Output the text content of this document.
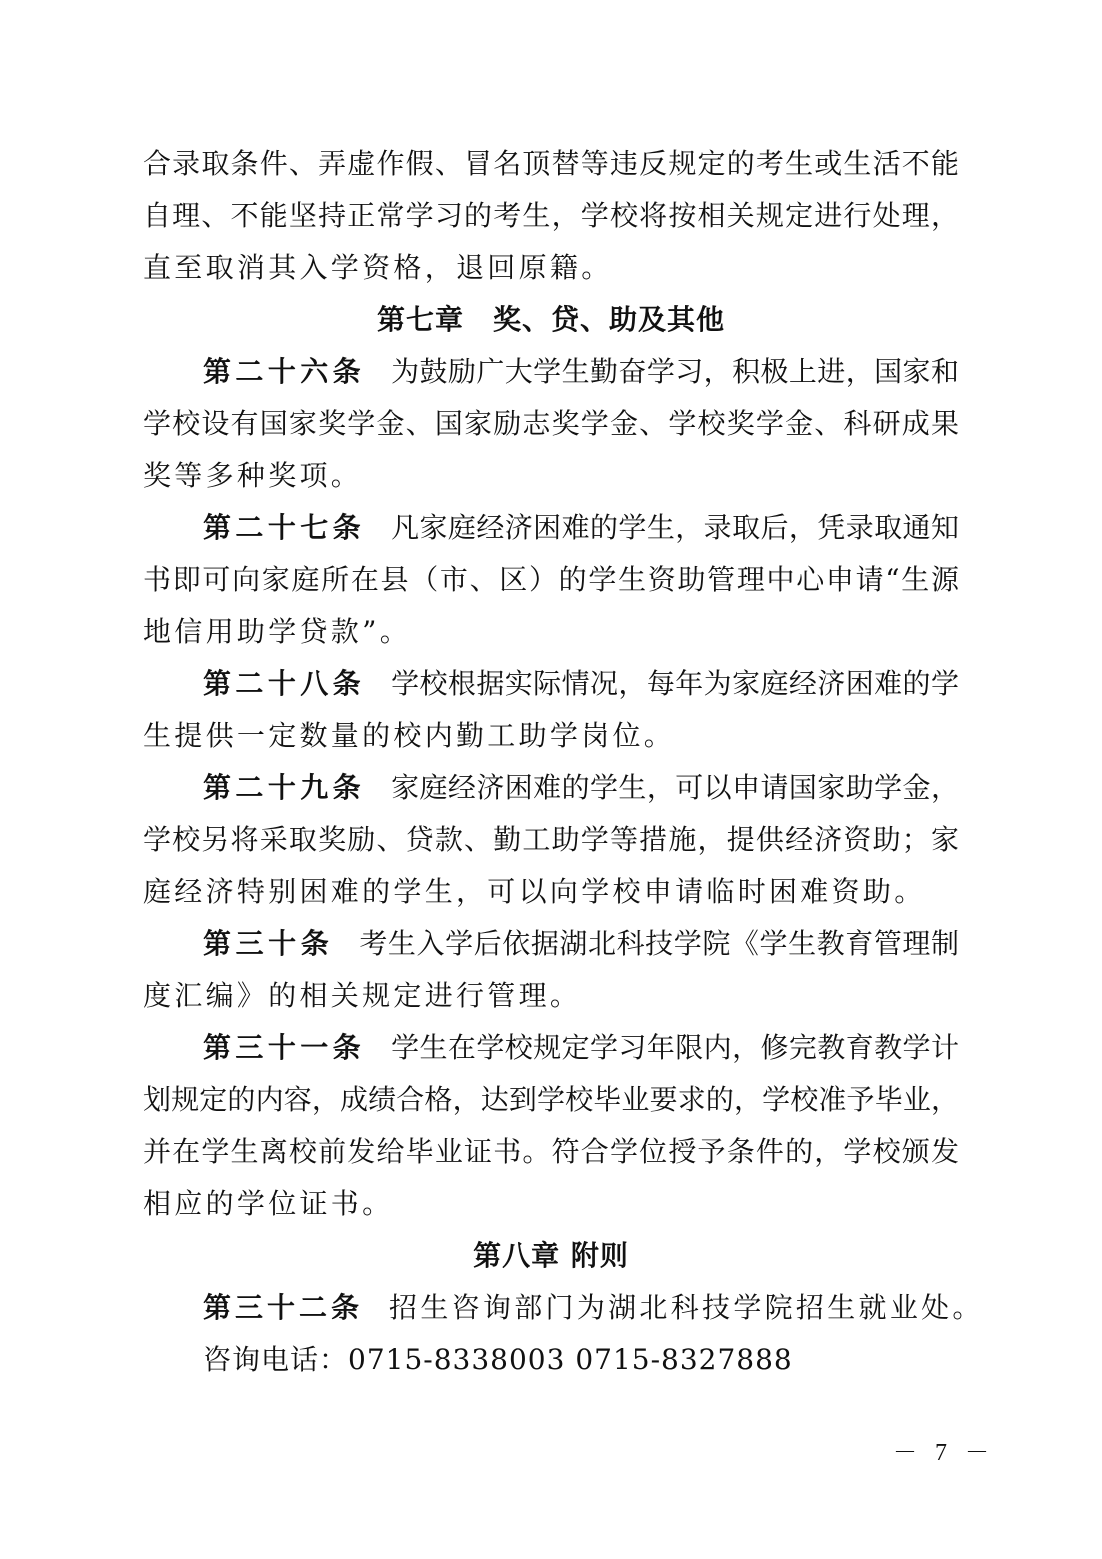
合录取条件、弄虚作假、冒名顶替等违反规定的考生或生活不能
自理、不能坚持正常学习的考生，学校将按相关规定进行处理，
直至取消其入学资格，退回原籍。
第七章　奖、贷、助及其他
第二十六条 为鼓励广大学生勤奋学习，积极上进，国家和
学校设有国家奖学金、国家励志奖学金、学校奖学金、科研成果
奖等多种奖项。
第二十七条 凡家庭经济困难的学生，录取后，凭录取通知
书即可向家庭所在县（市、区）的学生资助管理中心申请“生源
地信用助学贷款”。
第二十八条 学校根据实际情况，每年为家庭经济困难的学
生提供一定数量的校内勤工助学岗位。
第二十九条 家庭经济困难的学生，可以申请国家助学金，
学校另将采取奖励、贷款、勤工助学等措施，提供经济资助；家
庭经济特别困难的学生，可以向学校申请临时困难资助。
第三十条 考生入学后依据湖北科技学院《学生教育管理制
度汇编》的相关规定进行管理。
第三十一条 学生在学校规定学习年限内，修完教育教学计
划规定的内容，成绩合格，达到学校毕业要求的，学校准予毕业，
并在学生离校前发给毕业证书。符合学位授予条件的，学校颁发
相应的学位证书。
第八章 附则
第三十二条 招生咨询部门为湖北科技学院招生就业处。
咨询电话：0715-8338003 0715-8327888
－ 7 －
